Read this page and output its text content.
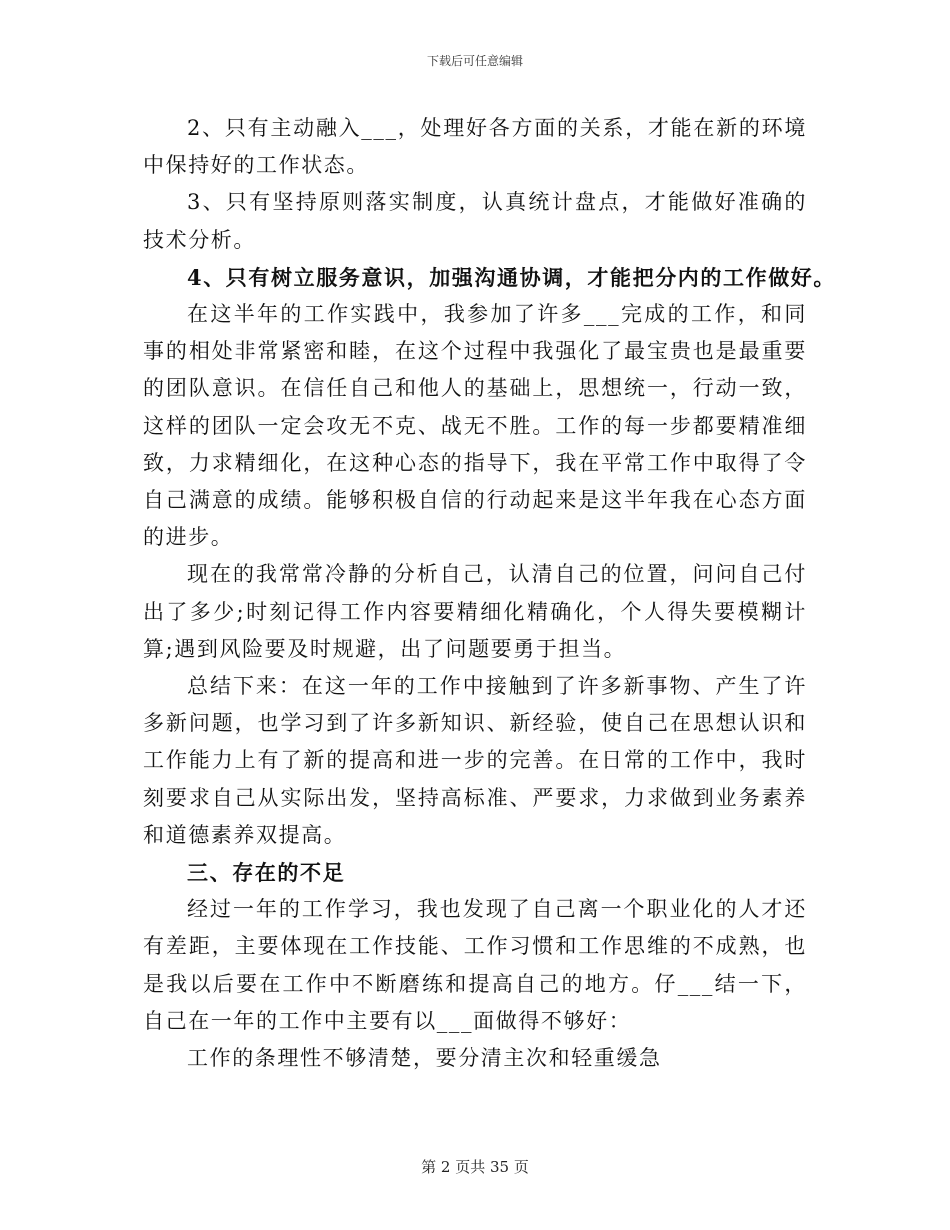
下载后可任意编辑

2、只有主动融入___，处理好各方面的关系，才能在新的环境中保持好的工作状态。

3、只有坚持原则落实制度，认真统计盘点，才能做好准确的技术分析。

4、只有树立服务意识，加强沟通协调，才能把分内的工作做好。

在这半年的工作实践中，我参加了许多___完成的工作，和同事的相处非常紧密和睦，在这个过程中我强化了最宝贵也是最重要的团队意识。在信任自己和他人的基础上，思想统一，行动一致，这样的团队一定会攻无不克、战无不胜。工作的每一步都要精准细致，力求精细化，在这种心态的指导下，我在平常工作中取得了令自己满意的成绩。能够积极自信的行动起来是这半年我在心态方面的进步。

现在的我常常冷静的分析自己，认清自己的位置，问问自己付出了多少;时刻记得工作内容要精细化精确化，个人得失要模糊计算;遇到风险要及时规避，出了问题要勇于担当。

总结下来：在这一年的工作中接触到了许多新事物、产生了许多新问题，也学习到了许多新知识、新经验，使自己在思想认识和工作能力上有了新的提高和进一步的完善。在日常的工作中，我时刻要求自己从实际出发，坚持高标准、严要求，力求做到业务素养和道德素养双提高。

三、存在的不足

经过一年的工作学习，我也发现了自己离一个职业化的人才还有差距，主要体现在工作技能、工作习惯和工作思维的不成熟，也是我以后要在工作中不断磨练和提高自己的地方。仔___结一下，自己在一年的工作中主要有以___面做得不够好：

工作的条理性不够清楚，要分清主次和轻重缓急

第 2 页共 35 页
